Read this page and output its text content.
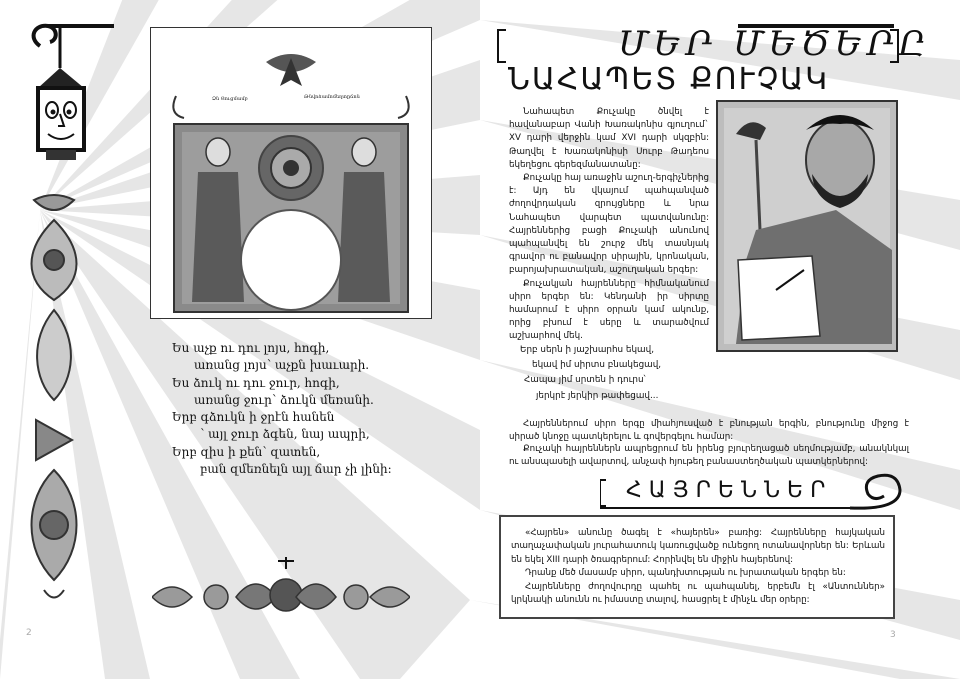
Ձն Ցուցմամբ	Թնվոձամոմեղտըճոն
Ես աչք ու դու լոյս, հոգի,
առանց լոյս՝ աչքն խաւարի.
Ես ձուկ ու դու ջուր, հոգի,
առանց ջուր՝ ձուկն մեռանի.
Երբ գձուկն ի ջրէն հանեն
՝ այլ ջուր ձգեն, նայ ապրի,
Երբ զիս ի քեն՝ զատեն,
բան զմեռնելն այլ ճար չի լինի:
2	3
ՄԵՐ ՄԵԾԵՐԸ
ՆԱՀԱՊԵՏ ՔՈՒՉԱԿ

Նահապետ Քուչակը ծնվել է հավանաբար Վանի Խառակոնիս գյուղում` XV դարի վերջին կամ XVI դարի սկզբին: Թաղվել է Խառակոնիսի Սուրբ Թադեոս եկեղեցու գերեզմանատանը:

Քուչակը հայ առաջին աշուղ-երգիչներից է: Այդ են վկայում պահպանված ժողովրդական զրույցները և նրա Նահապետ վարպետ պատվանունը: Հայրեններից բացի Քուչակի անունով պահպանվել են շուրջ մեկ տասնյակ գրավոր ու բանավոր սիրային, կրոնական, բարոյախրատական, աշուղական երգեր:

Քուչակյան հայրենները հիմնականում սիրո երգեր են: Կենդանի իր սիրտը համարում է սիրո օրրան կամ ակունք, որից բխում է սերը և տարածվում աշխարհով մեկ.

Երբ սերն ի յաշխարհս եկավ,
եկավ իմ սիրտս բնակեցավ,
Հապա յիմ սրտեն ի դուրս՝
յերկրէ յերկիր թափեցավ...

Հայրեններում սիրո երգը միահյուսված է բնության երգին, բնությունը միջոց է սիրած կնոջը պատկերելու և գովերգելու համար:

Քուչակի հայրեններն ապրեցրում են իրենց բյուրեղացած սեղմությամբ, անակնկալ ու անսպասելի ավարտով, անչափ հյութեղ բանաստեղծական պատկերներով:

ՀԱՅՐԵՆՆԵՐ

«Հայրեն» անունը ծագել է «հայերեն» բառից: Հայրենները հայկական տաղաչափական յուրահատուկ կառուցվածք ունեցող ոտանավորներ են: Երևան են եկել XIII դարի ծռագրերում: Հորինվել են միջին հայերենով:

Դրանք մեծ մասամբ սիրո, պանդխտության ու խրատական երգեր են:

Հայրենները ժողովուրդը պահել ու պահպանել, երբեմն էլ «Անտուններ» կրկնակի անունն ու իմաստը տալով, հասցրել է մինչև մեր օրերը:
